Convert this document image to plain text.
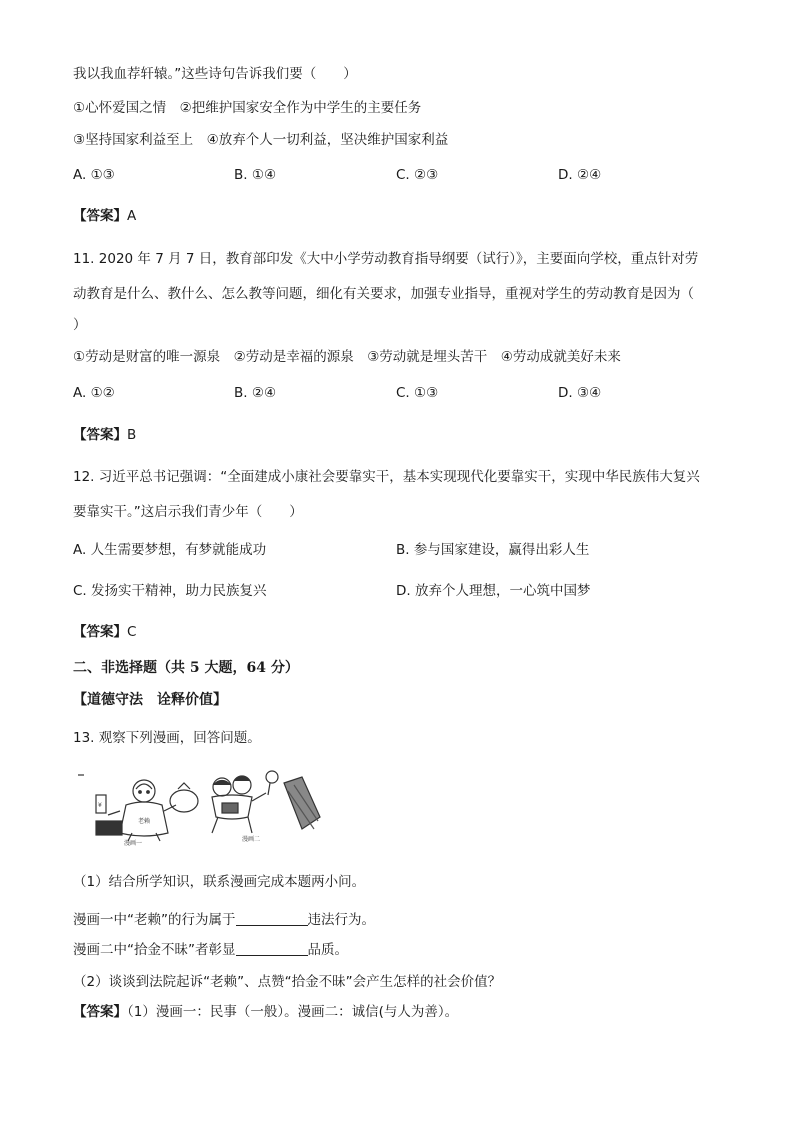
我以我血荐轩辕。”这些诗句告诉我们要（　　）
①心怀爱国之情　②把维护国家安全作为中学生的主要任务
③坚持国家利益至上　④放弃个人一切利益，坚决维护国家利益
A. ①③	B. ①④	C. ②③	D. ②④
【答案】A
11. 2020 年 7 月 7 日，教育部印发《大中小学劳动教育指导纲要（试行）》，主要面向学校，重点针对劳
动教育是什么、教什么、怎么教等问题，细化有关要求，加强专业指导，重视对学生的劳动教育是因为（
）
①劳动是财富的唯一源泉　②劳动是幸福的源泉　③劳动就是埋头苦干　④劳动成就美好未来
A. ①②	B. ②④	C. ①③	D. ③④
【答案】B
12. 习近平总书记强调：“全面建成小康社会要靠实干，基本实现现代化要靠实干，实现中华民族伟大复兴
要靠实干。”这启示我们青少年（　　）
A. 人生需要梦想，有梦就能成功	B. 参与国家建设，赢得出彩人生
C. 发扬实干精神，助力民族复兴	D. 放弃个人理想，一心筑中国梦
【答案】C
二、非选择题（共 5 大题，64 分）
【道德守法　诠释价值】
13. 观察下列漫画，回答问题。
¥
老赖
漫画一
漫画二
（1）结合所学知识，联系漫画完成本题两小问。
漫画一中“老赖”的行为属于	违法行为。
漫画二中“拾金不昧”者彰显	品质。
（2）谈谈到法院起诉“老赖”、点赞“拾金不昧”会产生怎样的社会价值？
【答案】（1）漫画一：民事（一般）。漫画二：诚信(与人为善）。
